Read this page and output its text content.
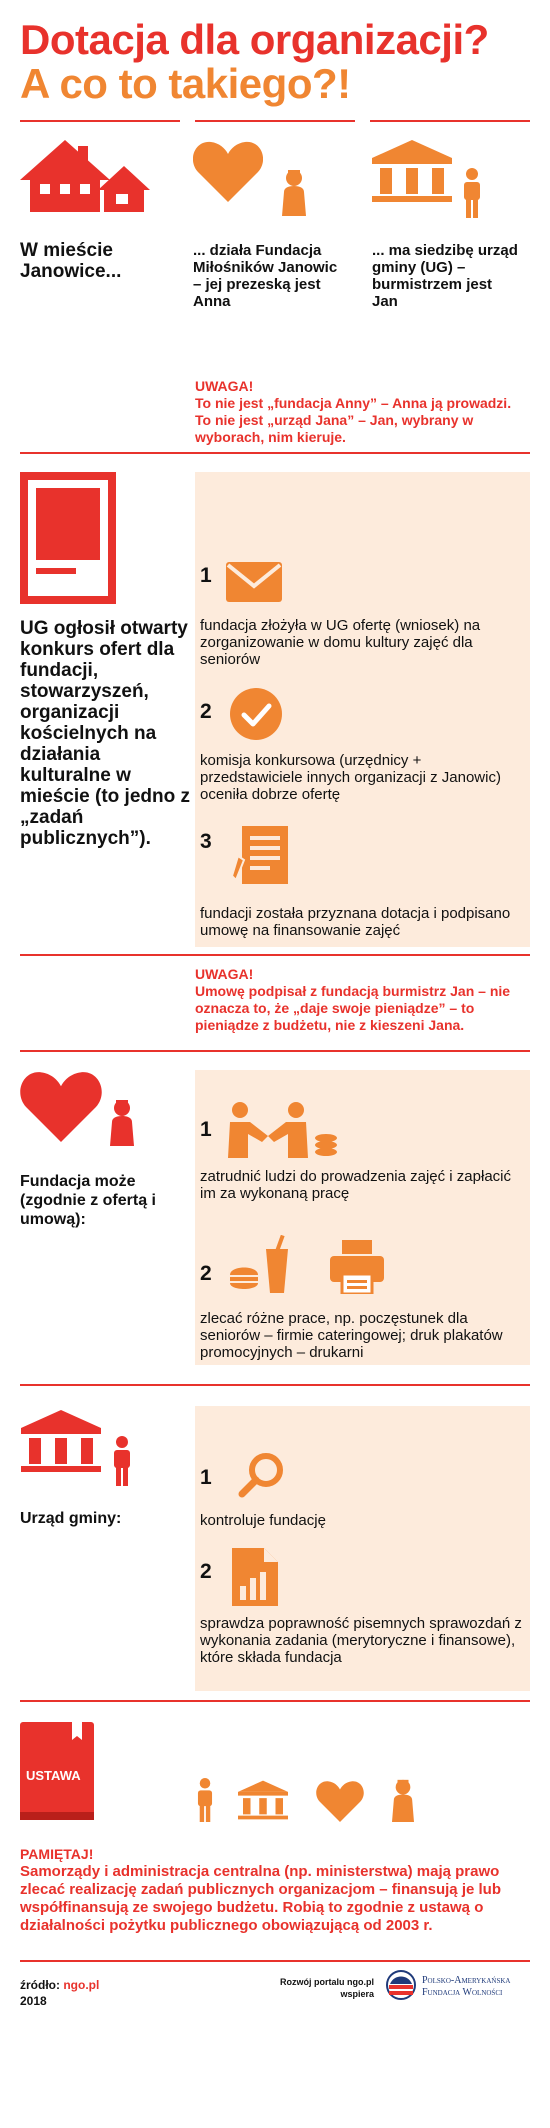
Dotacja dla organizacji?
A co to takiego?!
W mieście Janowice...
... działa Fundacja Miłośników Janowic – jej prezeską jest Anna
... ma siedzibę urząd gminy (UG) – burmistrzem jest Jan
UWAGA!
To nie jest „fundacja Anny” – Anna ją prowadzi. To nie jest „urząd Jana” – Jan, wybrany w wyborach, nim kieruje.
UG ogłosił otwarty konkurs ofert dla fundacji, stowarzyszeń, organizacji kościelnych na działania kulturalne w mieście (to jedno z „zadań publicznych”).
1
fundacja złożyła w UG ofertę (wniosek) na zorganizowanie w domu kultury zajęć dla seniorów
2
komisja konkursowa (urzędnicy + przedstawiciele innych organizacji z Janowic) oceniła dobrze ofertę
3
fundacji została przyznana dotacja i podpisano umowę na finansowanie zajęć
UWAGA!
Umowę podpisał z fundacją burmistrz Jan – nie oznacza to, że „daje swoje pieniądze” – to pieniądze z budżetu, nie z kieszeni Jana.
Fundacja może (zgodnie z ofertą i umową):
1
zatrudnić ludzi do prowadzenia zajęć i zapłacić im za wykonaną pracę
2
zlecać różne prace, np. poczęstunek dla seniorów – firmie cateringowej; druk plakatów promocyjnych – drukarni
Urząd gminy:
1
kontroluje fundację
2
sprawdza poprawność pisemnych sprawozdań z wykonania zadania (merytoryczne i finansowe), które składa fundacja
USTAWA
PAMIĘTAJ!
Samorządy i administracja centralna (np. ministerstwa) mają prawo zlecać realizację zadań publicznych organizacjom – finansują je lub współfinansują ze swojego budżetu. Robią to zgodnie z ustawą o działalności pożytku publicznego obowiązującą od 2003 r.
źródło: ngo.pl
2018
Rozwój portalu ngo.pl
wspiera
Polsko-Amerykańska
Fundacja Wolności
